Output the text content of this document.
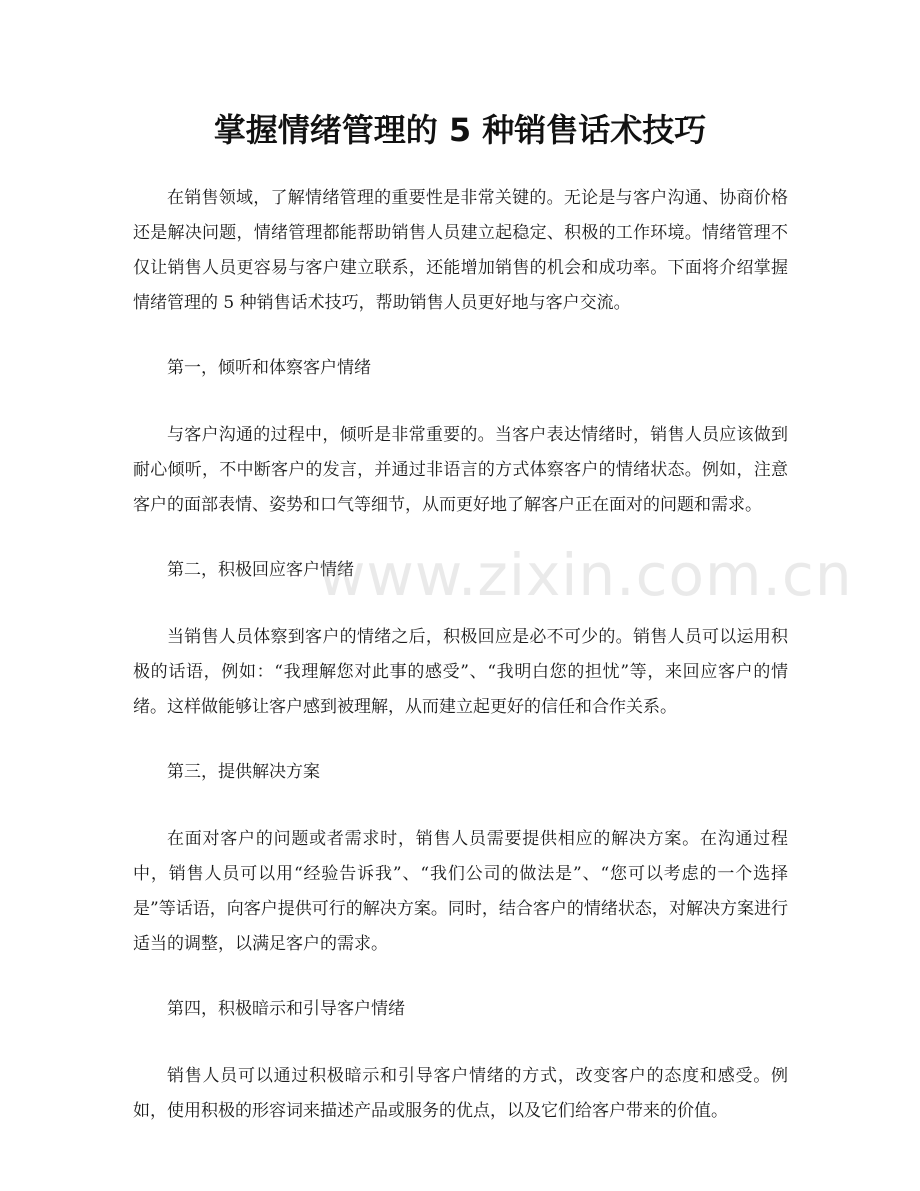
掌握情绪管理的 5 种销售话术技巧

在销售领域，了解情绪管理的重要性是非常关键的。无论是与客户沟通、协商价格还是解决问题，情绪管理都能帮助销售人员建立起稳定、积极的工作环境。情绪管理不仅让销售人员更容易与客户建立联系，还能增加销售的机会和成功率。下面将介绍掌握情绪管理的 5 种销售话术技巧，帮助销售人员更好地与客户交流。

第一，倾听和体察客户情绪

与客户沟通的过程中，倾听是非常重要的。当客户表达情绪时，销售人员应该做到耐心倾听，不中断客户的发言，并通过非语言的方式体察客户的情绪状态。例如，注意客户的面部表情、姿势和口气等细节，从而更好地了解客户正在面对的问题和需求。

第二，积极回应客户情绪

当销售人员体察到客户的情绪之后，积极回应是必不可少的。销售人员可以运用积极的话语，例如：“我理解您对此事的感受”、“我明白您的担忧”等，来回应客户的情绪。这样做能够让客户感到被理解，从而建立起更好的信任和合作关系。

第三，提供解决方案

在面对客户的问题或者需求时，销售人员需要提供相应的解决方案。在沟通过程中，销售人员可以用“经验告诉我”、“我们公司的做法是”、“您可以考虑的一个选择是”等话语，向客户提供可行的解决方案。同时，结合客户的情绪状态，对解决方案进行适当的调整，以满足客户的需求。

第四，积极暗示和引导客户情绪

销售人员可以通过积极暗示和引导客户情绪的方式，改变客户的态度和感受。例如，使用积极的形容词来描述产品或服务的优点，以及它们给客户带来的价值。

www.zixin.com.cn
